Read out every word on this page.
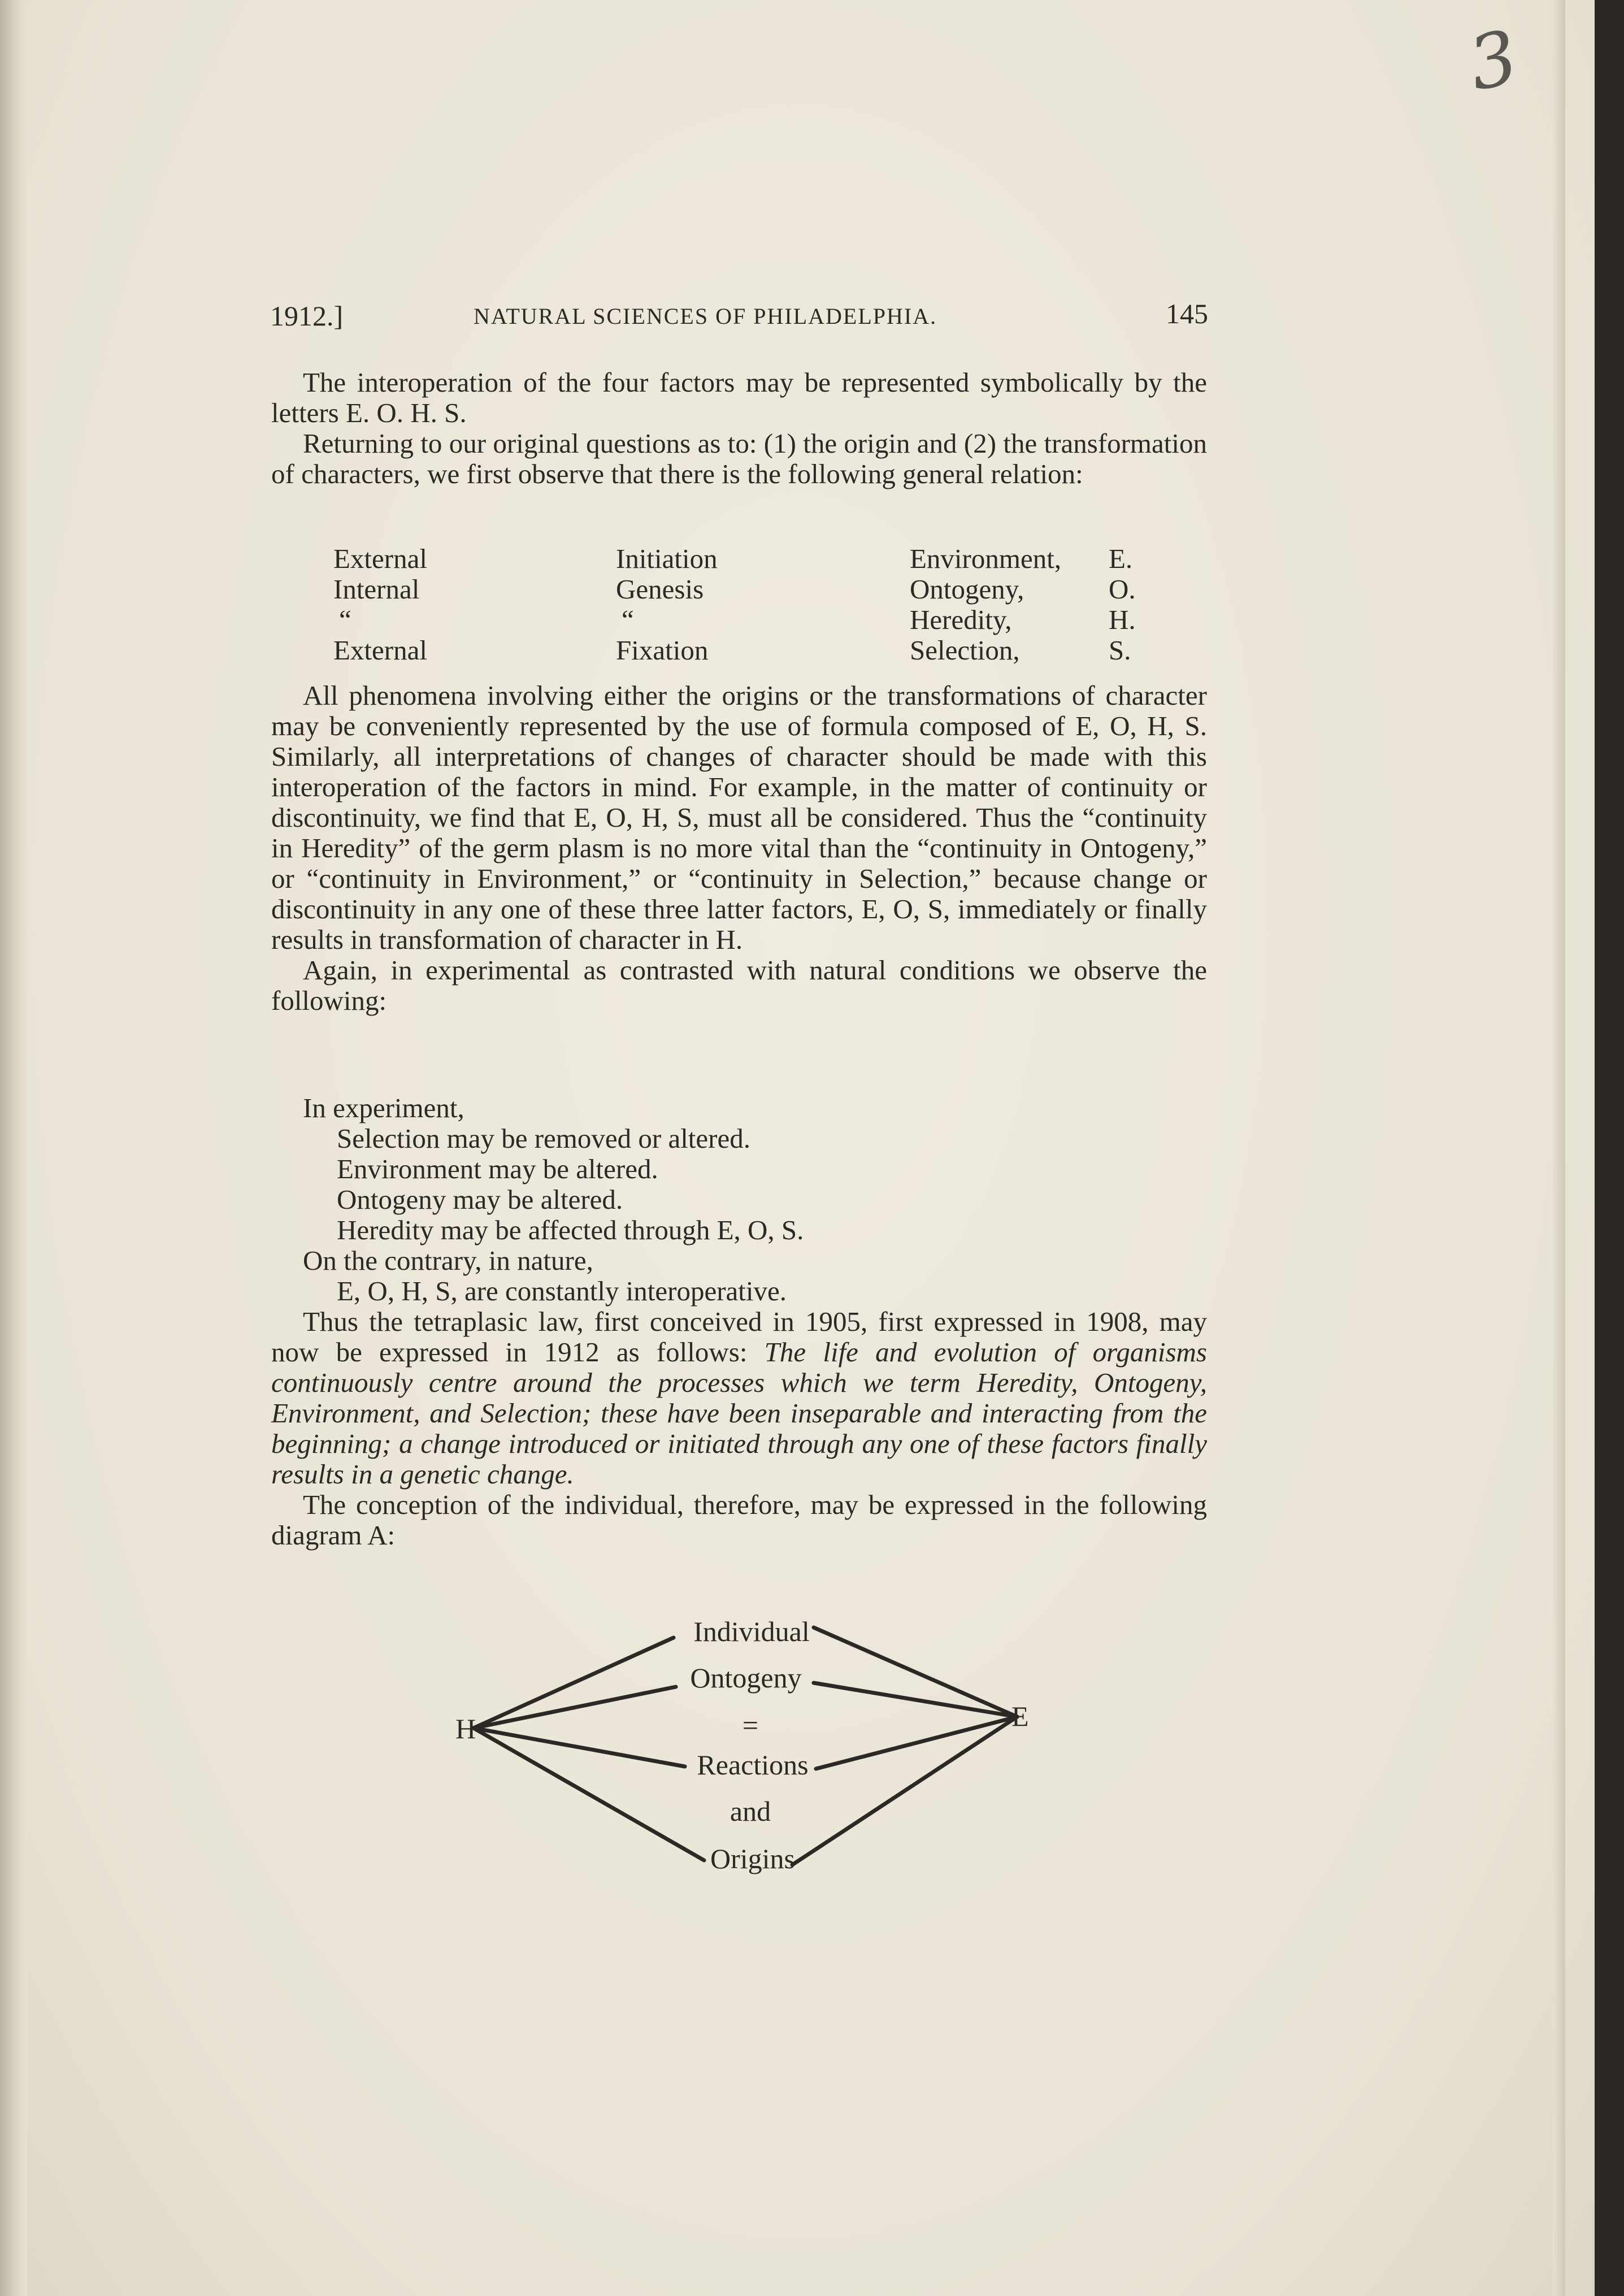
3
1912.]	NATURAL SCIENCES OF PHILADELPHIA.	145

The interoperation of the four factors may be represented symbolically by the letters E. O. H. S.

Returning to our original questions as to: (1) the origin and (2) the transformation of characters, we first observe that there is the following general relation:

External	Initiation	Environment, E.
Internal	Genesis	Ontogeny,	O.
“	“	Heredity,	H.
External	Fixation	Selection,	S.

All phenomena involving either the origins or the transformations of character may be conveniently represented by the use of formula composed of E, O, H, S. Similarly, all interpretations of changes of character should be made with this interoperation of the factors in mind. For example, in the matter of continuity or discontinuity, we find that E, O, H, S, must all be considered. Thus the “continuity in Heredity” of the germ plasm is no more vital than the “continuity in Ontogeny,” or “continuity in Environment,” or “continuity in Selection,” because change or discontinuity in any one of these three latter factors, E, O, S, immediately or finally results in transformation of character in H.

Again, in experimental as contrasted with natural conditions we observe the following:

In experiment,
Selection may be removed or altered.
Environment may be altered.
Ontogeny may be altered.
Heredity may be affected through E, O, S.
On the contrary, in nature,
E, O, H, S, are constantly interoperative.

Thus the tetraplasic law, first conceived in 1905, first expressed in 1908, may now be expressed in 1912 as follows: The life and evolution of organisms continuously centre around the processes which we term Heredity, Ontogeny, Environment, and Selection; these have been inseparable and interacting from the beginning; a change introduced or initiated through any one of these factors finally results in a genetic change.

The conception of the individual, therefore, may be expressed in the following diagram A:

H	E
Individual
Ontogeny
=
Reactions
and
Origins
